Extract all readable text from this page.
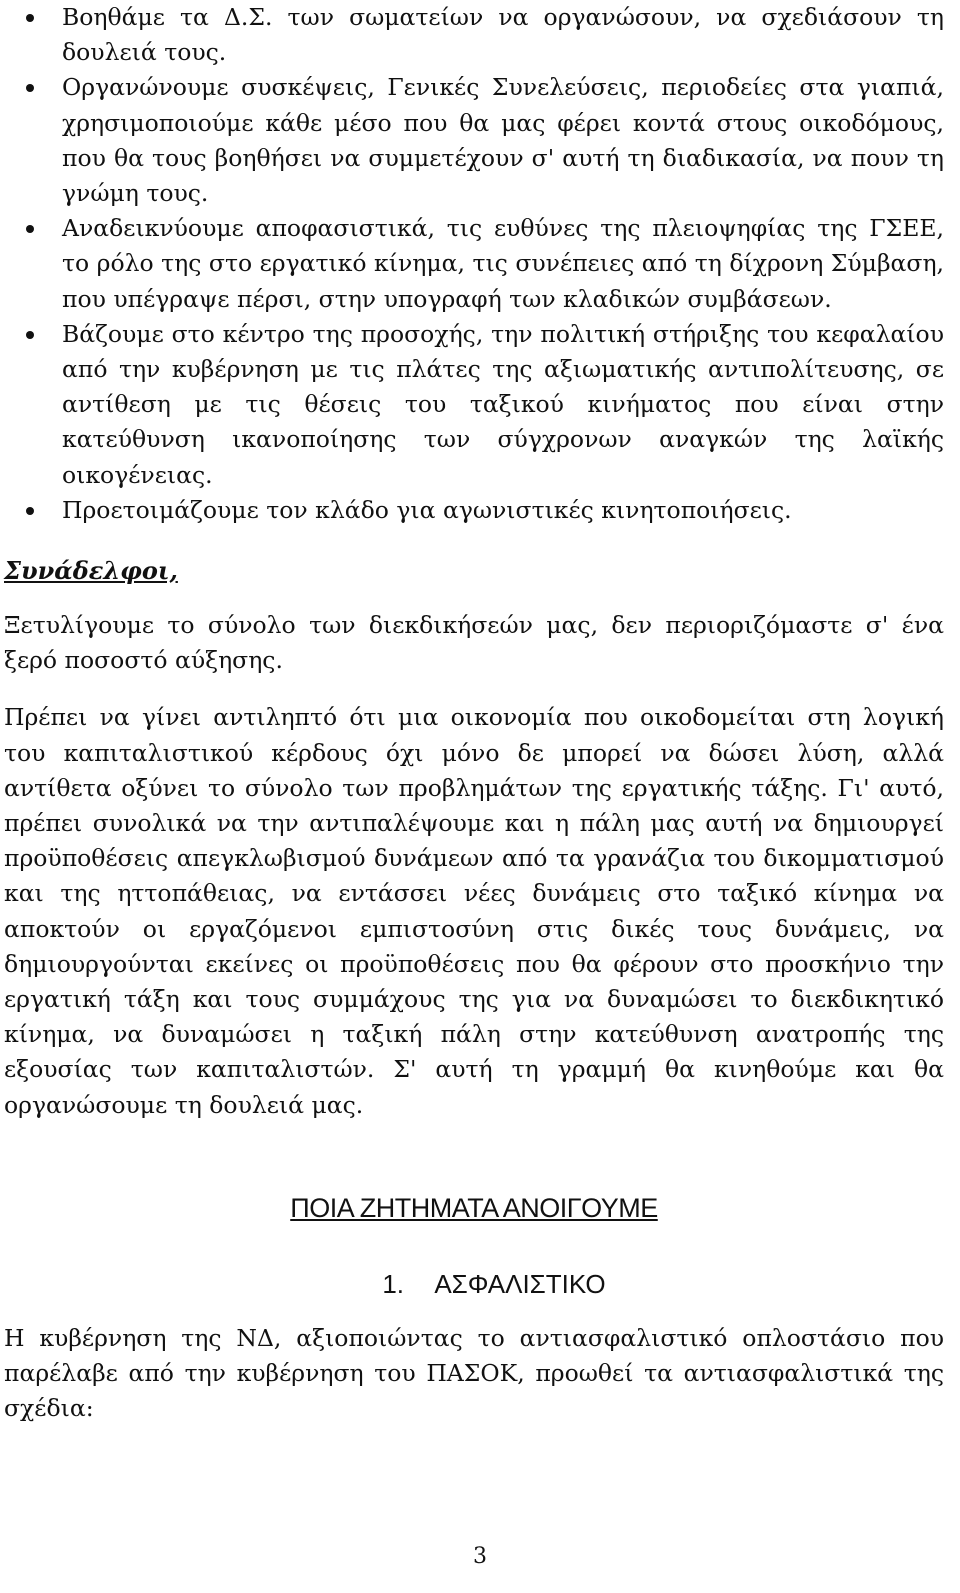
Βοηθάμε τα Δ.Σ. των σωματείων να οργανώσουν, να σχεδιάσουν τη δουλειά τους.
Οργανώνουμε συσκέψεις, Γενικές Συνελεύσεις, περιοδείες στα γιαπιά, χρησιμοποιούμε κάθε μέσο που θα μας φέρει κοντά στους οικοδόμους, που θα τους βοηθήσει να συμμετέχουν σ' αυτή τη διαδικασία, να πουν τη γνώμη τους.
Αναδεικνύουμε αποφασιστικά, τις ευθύνες της πλειοψηφίας της ΓΣΕΕ, το ρόλο της στο εργατικό κίνημα, τις συνέπειες από τη δίχρονη Σύμβαση, που υπέγραψε πέρσι, στην υπογραφή των κλαδικών συμβάσεων.
Βάζουμε στο κέντρο της προσοχής, την πολιτική στήριξης του κεφαλαίου από την κυβέρνηση με τις πλάτες της αξιωματικής αντιπολίτευσης, σε αντίθεση με τις θέσεις του ταξικού κινήματος που είναι στην κατεύθυνση ικανοποίησης των σύγχρονων αναγκών της λαϊκής οικογένειας.
Προετοιμάζουμε τον κλάδο για αγωνιστικές κινητοποιήσεις.
Συνάδελφοι,

Ξετυλίγουμε το σύνολο των διεκδικήσεών μας, δεν περιοριζόμαστε σ' ένα ξερό ποσοστό αύξησης.

Πρέπει να γίνει αντιληπτό ότι μια οικονομία που οικοδομείται στη λογική του καπιταλιστικού κέρδους όχι μόνο δε μπορεί να δώσει λύση, αλλά αντίθετα οξύνει το σύνολο των προβλημάτων της εργατικής τάξης. Γι' αυτό, πρέπει συνολικά να την αντιπαλέψουμε και η πάλη μας αυτή να δημιουργεί προϋποθέσεις απεγκλωβισμού δυνάμεων από τα γρανάζια του δικομματισμού και της ηττοπάθειας, να εντάσσει νέες δυνάμεις στο ταξικό κίνημα να αποκτούν οι εργαζόμενοι εμπιστοσύνη στις δικές τους δυνάμεις, να δημιουργούνται εκείνες οι προϋποθέσεις που θα φέρουν στο προσκήνιο την εργατική τάξη και τους συμμάχους της για να δυναμώσει το διεκδικητικό κίνημα, να δυναμώσει η ταξική πάλη στην κατεύθυνση ανατροπής της εξουσίας των καπιταλιστών. Σ' αυτή τη γραμμή θα κινηθούμε και θα οργανώσουμε τη δουλειά μας.

ΠΟΙΑ ΖΗΤΗΜΑΤΑ ΑΝΟΙΓΟΥΜΕ
1. ΑΣΦΑΛΙΣΤΙΚΟ

Η κυβέρνηση της ΝΔ, αξιοποιώντας το αντιασφαλιστικό οπλοστάσιο που παρέλαβε από την κυβέρνηση του ΠΑΣΟΚ, προωθεί τα αντιασφαλιστικά της σχέδια:

3
